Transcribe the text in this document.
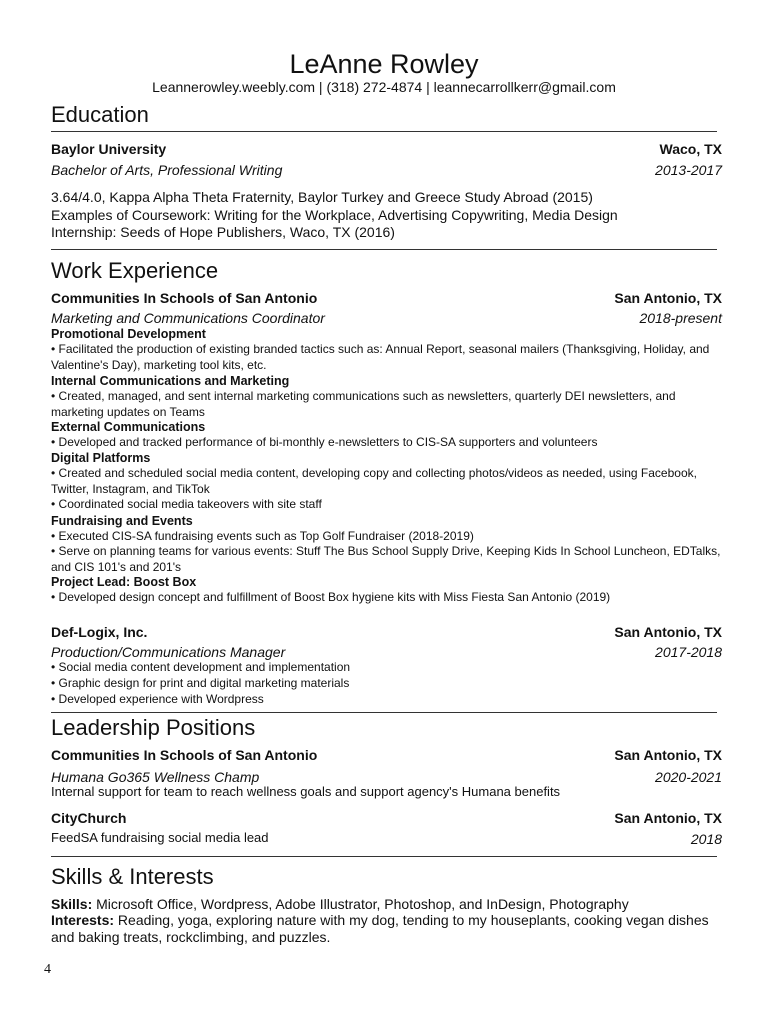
LeAnne Rowley
Leannerowley.weebly.com | (318) 272-4874 | leannecarrollkerr@gmail.com
Education
Baylor University	Waco, TX
Bachelor of Arts, Professional Writing	2013-2017
3.64/4.0, Kappa Alpha Theta Fraternity, Baylor Turkey and Greece Study Abroad (2015)
Examples of Coursework: Writing for the Workplace, Advertising Copywriting, Media Design
Internship: Seeds of Hope Publishers, Waco, TX (2016)
Work Experience
Communities In Schools of San Antonio	San Antonio, TX
Marketing and Communications Coordinator	2018-present
Promotional Development
• Facilitated the production of existing branded tactics such as: Annual Report, seasonal mailers (Thanksgiving, Holiday, and Valentine's Day), marketing tool kits, etc.
Internal Communications and Marketing
• Created, managed, and sent internal marketing communications such as newsletters, quarterly DEI newsletters, and marketing updates on Teams
External Communications
• Developed and tracked performance of bi-monthly e-newsletters to CIS-SA supporters and volunteers
Digital Platforms
• Created and scheduled social media content, developing copy and collecting photos/videos as needed, using Facebook, Twitter, Instagram, and TikTok
• Coordinated social media takeovers with site staff
Fundraising and Events
• Executed CIS-SA fundraising events such as Top Golf Fundraiser (2018-2019)
• Serve on planning teams for various events: Stuff The Bus School Supply Drive, Keeping Kids In School Luncheon, EDTalks, and CIS 101's and 201's
Project Lead: Boost Box
• Developed design concept and fulfillment of Boost Box hygiene kits with Miss Fiesta San Antonio (2019)
Def-Logix, Inc.	San Antonio, TX
Production/Communications Manager	2017-2018
• Social media content development and implementation
• Graphic design for print and digital marketing materials
• Developed experience with Wordpress
Leadership Positions
Communities In Schools of San Antonio	San Antonio, TX
Humana Go365 Wellness Champ	2020-2021
Internal support for team to reach wellness goals and support agency's Humana benefits
CityChurch	San Antonio, TX
FeedSA fundraising social media lead	2018
Skills & Interests
Skills: Microsoft Office, Wordpress, Adobe Illustrator, Photoshop, and InDesign, Photography
Interests: Reading, yoga, exploring nature with my dog, tending to my houseplants, cooking vegan dishes and baking treats, rockclimbing, and puzzles.
4
